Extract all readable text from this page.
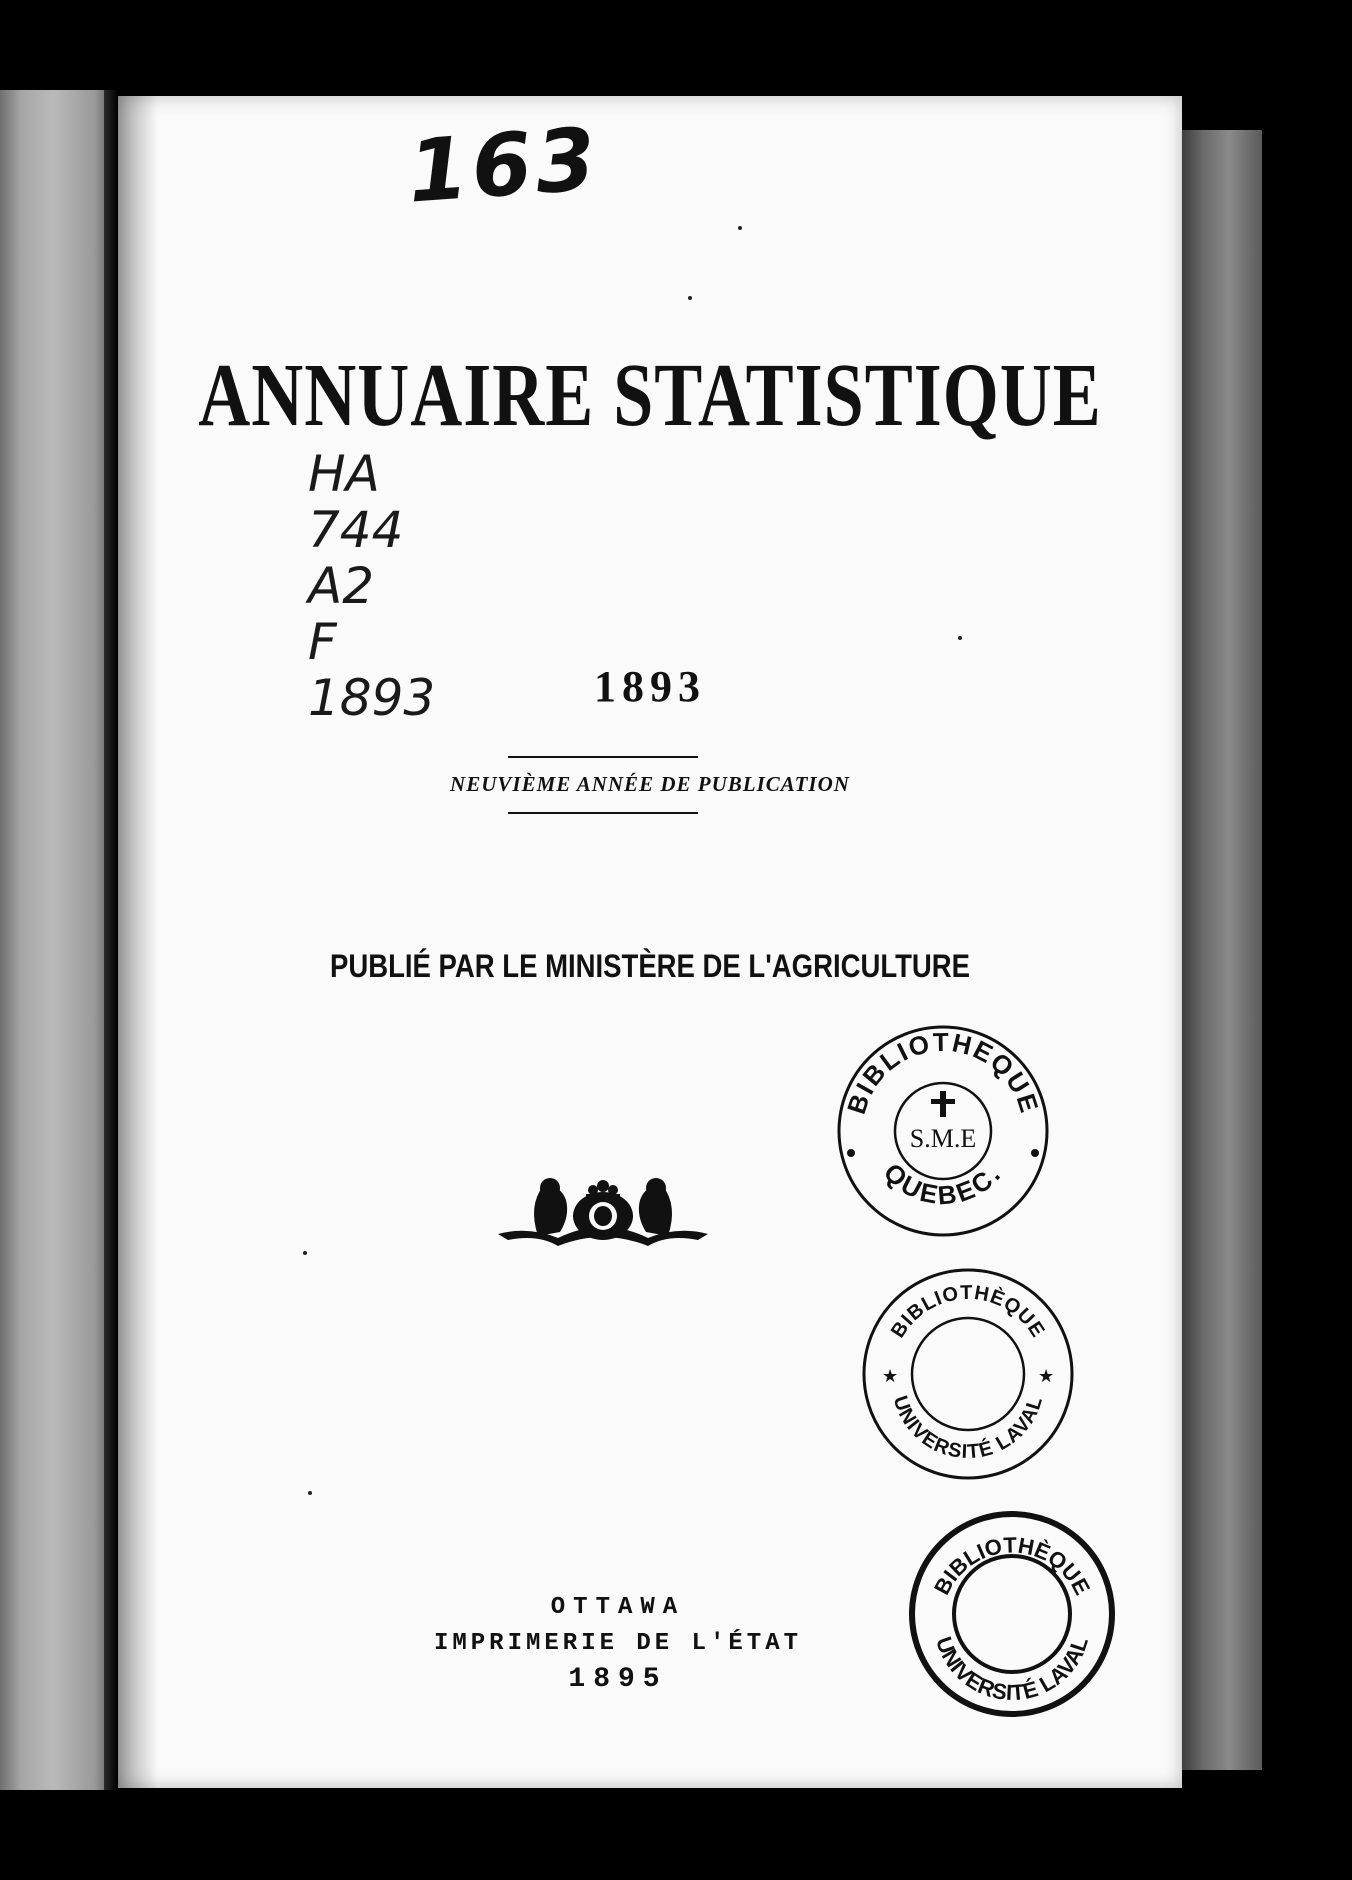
163
HA
744
A2
F
1893
ANNUAIRE STATISTIQUE
1893
NEUVIÈME ANNÉE DE PUBLICATION
PUBLIÉ PAR LE MINISTÈRE DE L'AGRICULTURE
BIBLIOTHEQUE
QUEBEC.
S.M.E
BIBLIOTHÈQUE
UNIVERSITÉ LAVAL
★	★
BIBLIOTHÈQUE
UNIVERSITÉ LAVAL
OTTAWA
IMPRIMERIE DE L'ÉTAT
1895
